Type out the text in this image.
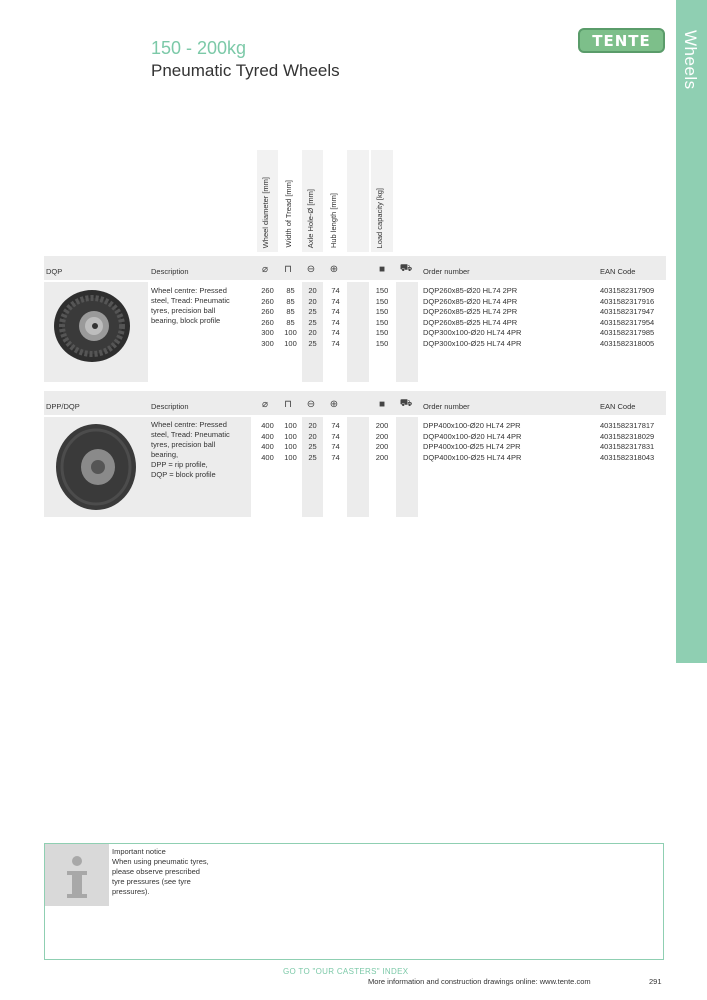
Wheels
150 - 200kg
Pneumatic Tyred Wheels
TENTE
Wheel diameter [mm] Width of Tread [mm] Axle Hole-Ø [mm] Hub length [mm]	Load capacity [kg]
DQP	Description	⌀	⊓	⊖ ⊕	■	⛟ Order number	EAN Code
Wheel centre: Pressed
steel, Tread: Pneumatic
tyres, precision ball
bearing, block profile
260	85	20	74	150	DQP260x85-Ø20 HL74 2PR	4031582317909
260	85	20	74	150	DQP260x85-Ø20 HL74 4PR	4031582317916
260	85	25	74	150	DQP260x85-Ø25 HL74 2PR	4031582317947
260	85	25	74	150	DQP260x85-Ø25 HL74 4PR	4031582317954
300	100	20	74	150	DQP300x100-Ø20 HL74 4PR	4031582317985
300	100	25	74	150	DQP300x100-Ø25 HL74 4PR	4031582318005
DPP/DQP	Description	⌀	⊓	⊖ ⊕	■	⛟ Order number	EAN Code
Wheel centre: Pressed
steel, Tread: Pneumatic
tyres, precision ball
bearing,
DPP = rip profile,
DQP = block profile
400	100	20	74	200	DPP400x100-Ø20 HL74 2PR	4031582317817
400	100	20	74	200	DQP400x100-Ø20 HL74 4PR	4031582318029
400	100	25	74	200	DPP400x100-Ø25 HL74 2PR	4031582317831
400	100	25	74	200	DQP400x100-Ø25 HL74 4PR	4031582318043
Important notice
When using pneumatic tyres, please observe prescribed tyre pressures (see tyre pressures).
GO TO "OUR CASTERS" INDEX
More information and construction drawings online: www.tente.com	291
